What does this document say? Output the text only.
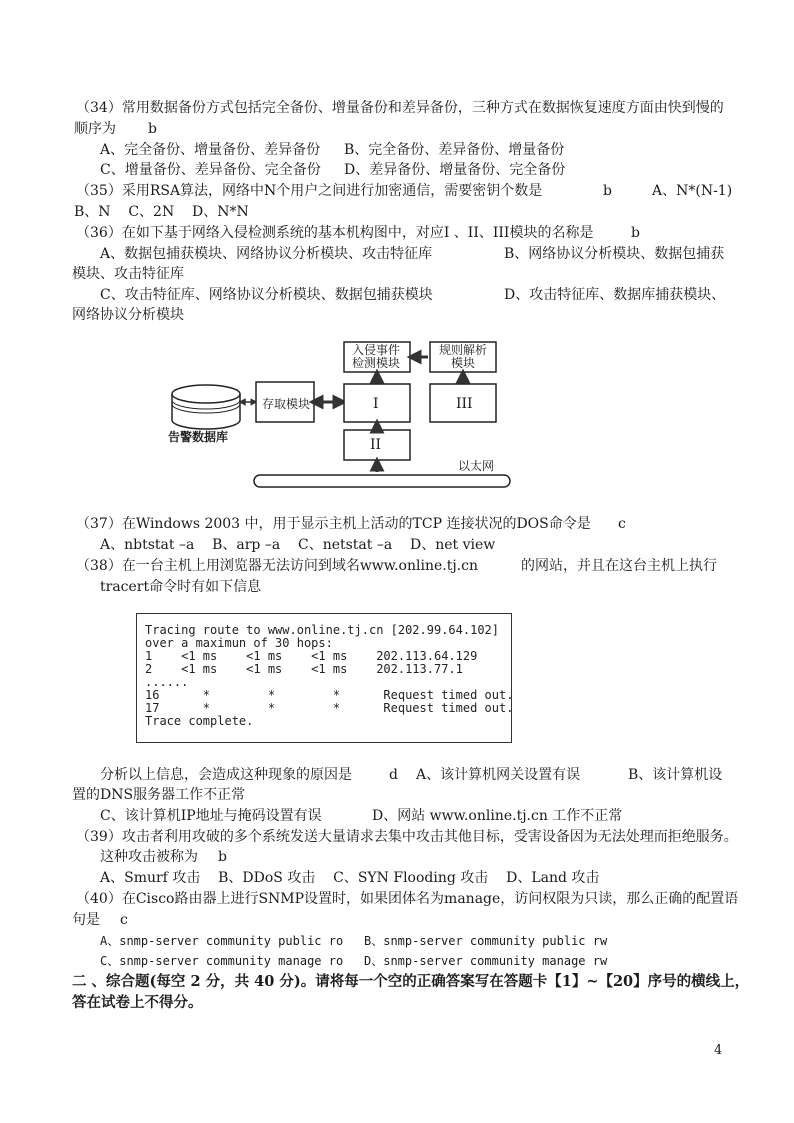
（34）常用数据备份方式包括完全备份、增量备份和差异备份，三种方式在数据恢复速度方面由快到慢的
顺序为 b
A、完全备份、增量备份、差异备份 B、完全备份、差异备份、增量备份
C、增量备份、差异备份、完全备份 D、差异备份、增量备份、完全备份
（35）采用RSA算法，网络中N个用户之间进行加密通信，需要密钥个数是	b	A、N*(N-1)
B、N    C、2N    D、N*N
（36）在如下基于网络入侵检测系统的基本机构图中，对应I 、II、III模块的名称是	b
A、数据包捕获模块、网络协议分析模块、攻击特征库	B、网络协议分析模块、数据包捕获
模块、攻击特征库
C、攻击特征库、网络协议分析模块、数据包捕获模块	D、攻击特征库、数据库捕获模块、
网络协议分析模块
告警数据库
存取模块
入侵事件
检测模块
规则解析
模块
I
II
III
以太网
（37）在Windows 2003 中，用于显示主机上活动的TCP 连接状况的DOS命令是 c
A、nbtstat –a    B、arp –a    C、netstat –a    D、net view
（38）在一台主机上用浏览器无法访问到域名www.online.tj.cn	的网站，并且在这台主机上执行
tracert命令时有如下信息
Tracing route to www.online.tj.cn [202.99.64.102]
over a maximun of 30 hops:
1    <1 ms    <1 ms    <1 ms    202.113.64.129
2    <1 ms    <1 ms    <1 ms    202.113.77.1
......
16      *        *        *      Request timed out.
17      *        *        *      Request timed out.
Trace complete.
分析以上信息，会造成这种现象的原因是	d A、该计算机网关设置有误	B、该计算机设
置的DNS服务器工作不正常
C、该计算机IP地址与掩码设置有误	D、网站 www.online.tj.cn 工作不正常
（39）攻击者利用攻破的多个系统发送大量请求去集中攻击其他目标，受害设备因为无法处理而拒绝服务。
这种攻击被称为 b
A、Smurf 攻击    B、DDoS 攻击    C、SYN Flooding 攻击    D、Land 攻击
（40）在Cisco路由器上进行SNMP设置时，如果团体名为manage，访问权限为只读，那么正确的配置语
句是 c
A、snmp-server community public ro B、snmp-server community public rw
C、snmp-server community manage ro D、snmp-server community manage rw
二 、综合题(每空 2 分，共 40 分)。请将每一个空的正确答案写在答题卡【1】~【20】序号的横线上，
答在试卷上不得分。
4
